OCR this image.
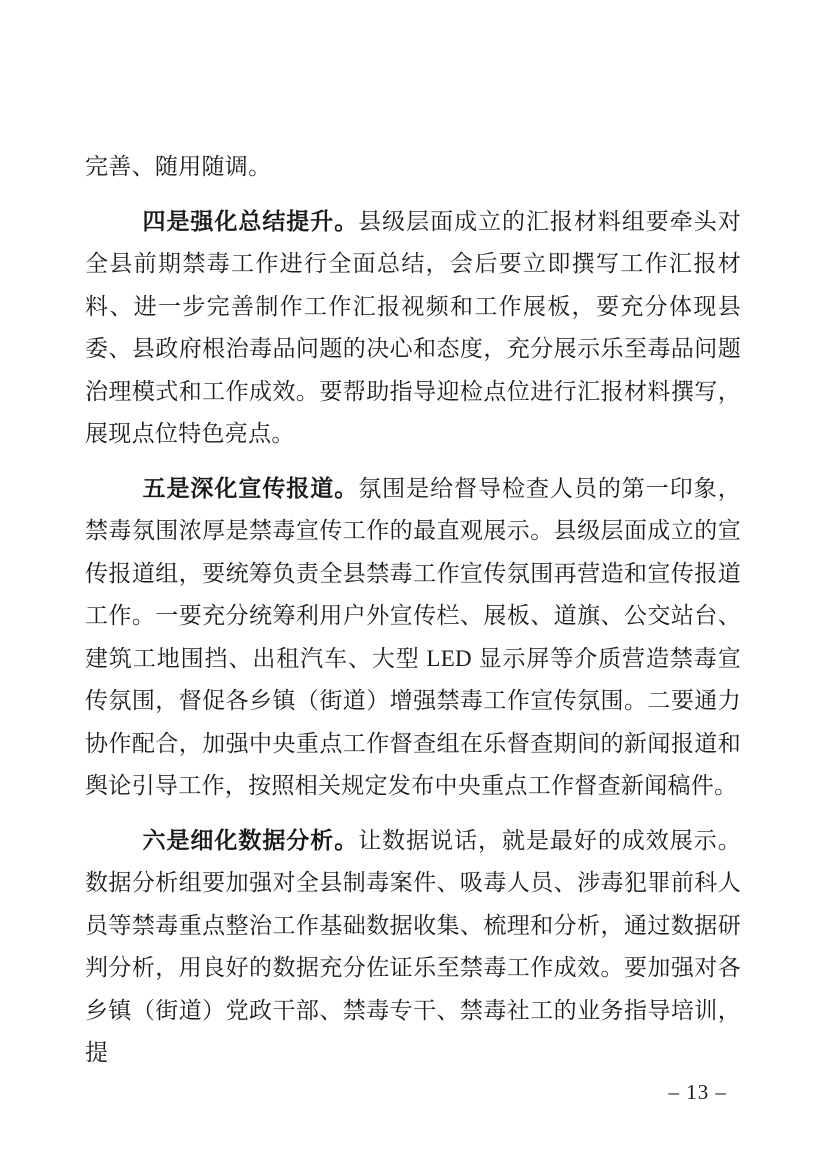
完善、随用随调。

四是强化总结提升。县级层面成立的汇报材料组要牵头对全县前期禁毒工作进行全面总结，会后要立即撰写工作汇报材料、进一步完善制作工作汇报视频和工作展板，要充分体现县委、县政府根治毒品问题的决心和态度，充分展示乐至毒品问题治理模式和工作成效。要帮助指导迎检点位进行汇报材料撰写，展现点位特色亮点。

五是深化宣传报道。氛围是给督导检查人员的第一印象，禁毒氛围浓厚是禁毒宣传工作的最直观展示。县级层面成立的宣传报道组，要统筹负责全县禁毒工作宣传氛围再营造和宣传报道工作。一要充分统筹利用户外宣传栏、展板、道旗、公交站台、建筑工地围挡、出租汽车、大型 LED 显示屏等介质营造禁毒宣传氛围，督促各乡镇（街道）增强禁毒工作宣传氛围。二要通力协作配合，加强中央重点工作督查组在乐督查期间的新闻报道和舆论引导工作，按照相关规定发布中央重点工作督查新闻稿件。

六是细化数据分析。让数据说话，就是最好的成效展示。数据分析组要加强对全县制毒案件、吸毒人员、涉毒犯罪前科人员等禁毒重点整治工作基础数据收集、梳理和分析，通过数据研判分析，用良好的数据充分佐证乐至禁毒工作成效。要加强对各乡镇（街道）党政干部、禁毒专干、禁毒社工的业务指导培训，提

– 13 –
